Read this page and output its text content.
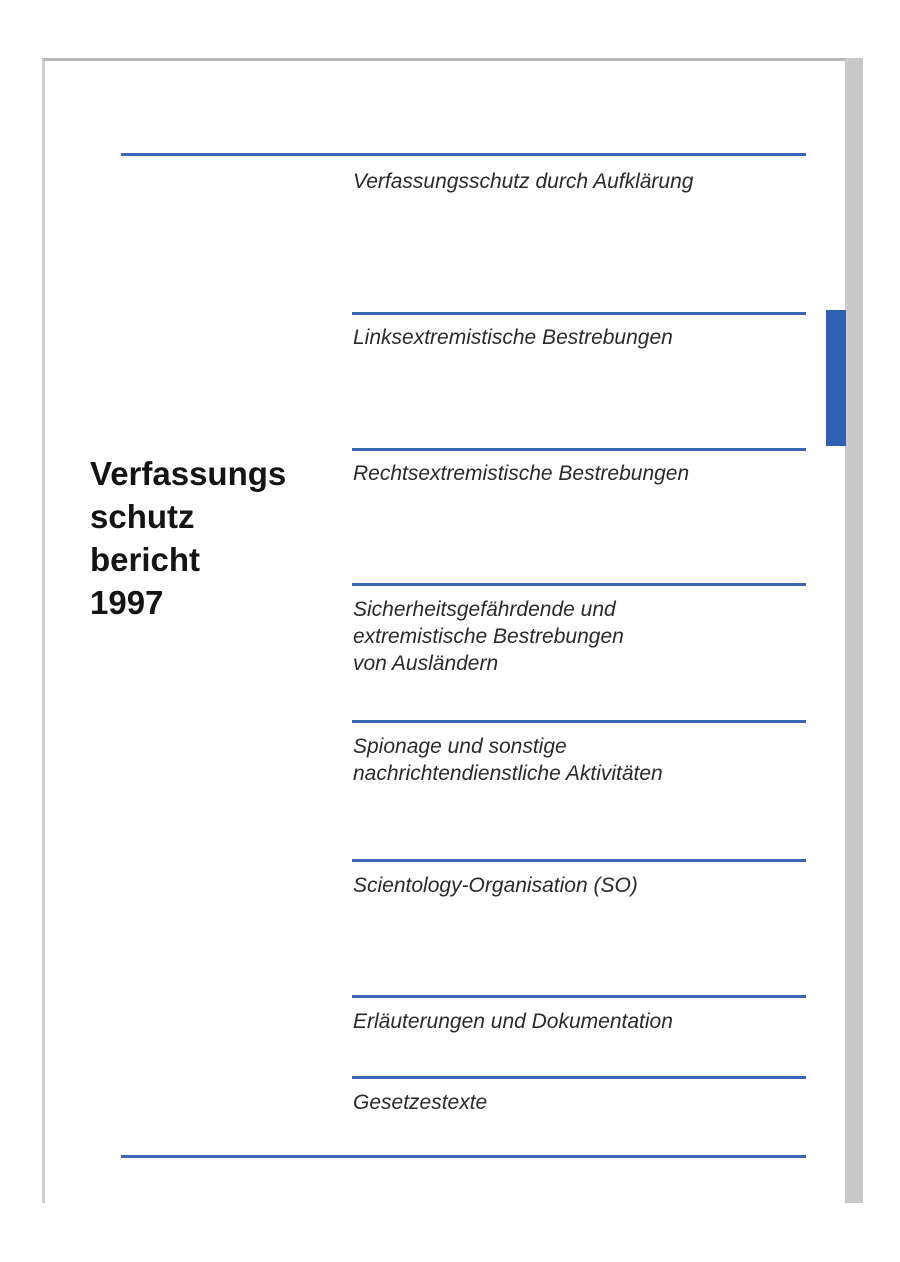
Verfassungsschutz durch Aufklärung
Linksextremistische Bestrebungen
Rechtsextremistische Bestrebungen
Sicherheitsgefährdende und
extremistische Bestrebungen
von Ausländern
Spionage und sonstige
nachrichtendienstliche Aktivitäten
Scientology-Organisation (SO)
Erläuterungen und Dokumentation
Gesetzestexte
Verfassungs
schutz
bericht
1997
